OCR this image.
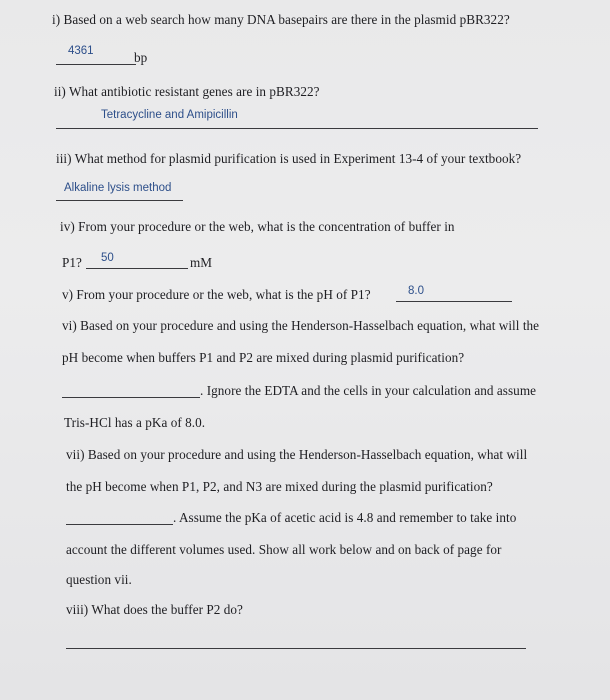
i) Based on a web search how many DNA basepairs are there in the plasmid pBR322?
4361	bp
ii) What antibiotic resistant genes are in pBR322?
Tetracycline and Amipicillin
iii) What method for plasmid purification is used in Experiment 13-4 of your textbook?
Alkaline lysis method
iv) From your procedure or the web, what is the concentration of buffer in
P1? 50	mM
v) From your procedure or the web, what is the pH of P1?	8.0
vi) Based on your procedure and using the Henderson-Hasselbach equation, what will the
pH become when buffers P1 and P2 are mixed during plasmid purification?
. Ignore the EDTA and the cells in your calculation and assume
Tris-HCl has a pKa of 8.0.
vii) Based on your procedure and using the Henderson-Hasselbach equation, what will
the pH become when P1, P2, and N3 are mixed during the plasmid purification?
. Assume the pKa of acetic acid is 4.8 and remember to take into
account the different volumes used. Show all work below and on back of page for
question vii.
viii) What does the buffer P2 do?
